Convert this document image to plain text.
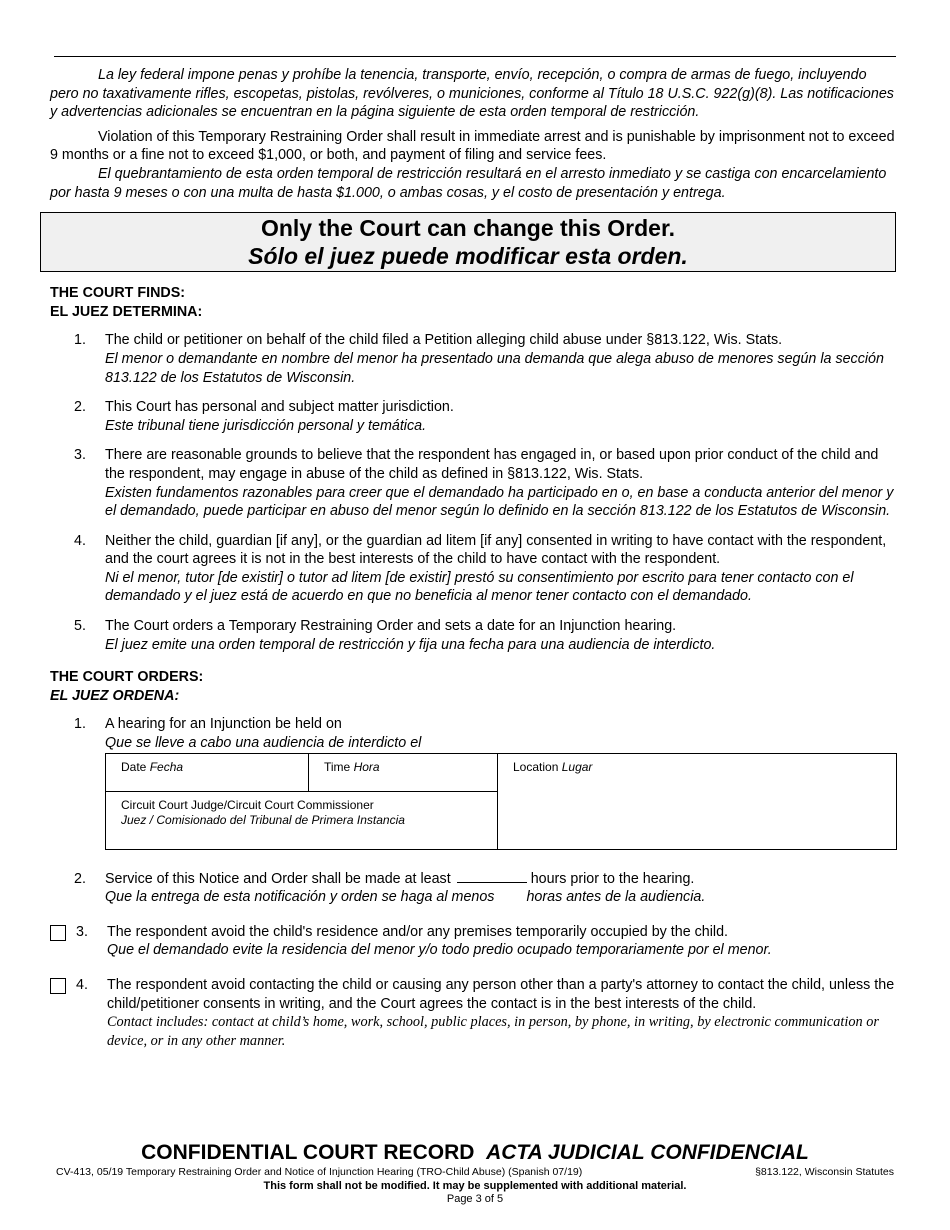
La ley federal impone penas y prohíbe la tenencia, transporte, envío, recepción, o compra de armas de fuego, incluyendo pero no taxativamente rifles, escopetas, pistolas, revólveres, o municiones, conforme al Título 18 U.S.C. 922(g)(8). Las notificaciones y advertencias adicionales se encuentran en la página siguiente de esta orden temporal de restricción.

Violation of this Temporary Restraining Order shall result in immediate arrest and is punishable by imprisonment not to exceed 9 months or a fine not to exceed $1,000, or both, and payment of filing and service fees.

El quebrantamiento de esta orden temporal de restricción resultará en el arresto inmediato y se castiga con encarcelamiento por hasta 9 meses o con una multa de hasta $1.000, o ambas cosas, y el costo de presentación y entrega.

Only the Court can change this Order.
Sólo el juez puede modificar esta orden.
THE COURT FINDS:
EL JUEZ DETERMINA:
1.	The child or petitioner on behalf of the child filed a Petition alleging child abuse under §813.122, Wis. Stats.
El menor o demandante en nombre del menor ha presentado una demanda que alega abuso de menores según la sección 813.122 de los Estatutos de Wisconsin.
2.	This Court has personal and subject matter jurisdiction.
Este tribunal tiene jurisdicción personal y temática.
3.	There are reasonable grounds to believe that the respondent has engaged in, or based upon prior conduct of the child and the respondent, may engage in abuse of the child as defined in §813.122, Wis. Stats.
Existen fundamentos razonables para creer que el demandado ha participado en o, en base a conducta anterior del menor y el demandado, puede participar en abuso del menor según lo definido en la sección 813.122 de los Estatutos de Wisconsin.
4.	Neither the child, guardian [if any], or the guardian ad litem [if any] consented in writing to have contact with the respondent, and the court agrees it is not in the best interests of the child to have contact with the respondent.
Ni el menor, tutor [de existir] o tutor ad litem [de existir] prestó su consentimiento por escrito para tener contacto con el demandado y el juez está de acuerdo en que no beneficia al menor tener contacto con el demandado.
5.	The Court orders a Temporary Restraining Order and sets a date for an Injunction hearing.
El juez emite una orden temporal de restricción y fija una fecha para una audiencia de interdicto.
THE COURT ORDERS:
EL JUEZ ORDENA:
1.	A hearing for an Injunction be held on
Que se lleve a cabo una audiencia de interdicto el
Date Fecha	Time Hora	Location Lugar

Circuit Court Judge/Circuit Court Commissioner
Juez / Comisionado del Tribunal de Primera Instancia
2.	Service of this Notice and Order shall be made at least	hours prior to the hearing.
Que la entrega de esta notificación y orden se haga al menos horas antes de la audiencia.
3.	The respondent avoid the child's residence and/or any premises temporarily occupied by the child.
Que el demandado evite la residencia del menor y/o todo predio ocupado temporariamente por el menor.
4.	The respondent avoid contacting the child or causing any person other than a party's attorney to contact the child, unless the child/petitioner consents in writing, and the Court agrees the contact is in the best interests of the child.
Contact includes: contact at child’s home, work, school, public places, in person, by phone, in writing, by electronic communication or device, or in any other manner.
CONFIDENTIAL COURT RECORD ACTA JUDICIAL CONFIDENCIAL
CV-413, 05/19 Temporary Restraining Order and Notice of Injunction Hearing (TRO-Child Abuse) (Spanish 07/19)	§813.122, Wisconsin Statutes
This form shall not be modified. It may be supplemented with additional material.
Page 3 of 5
